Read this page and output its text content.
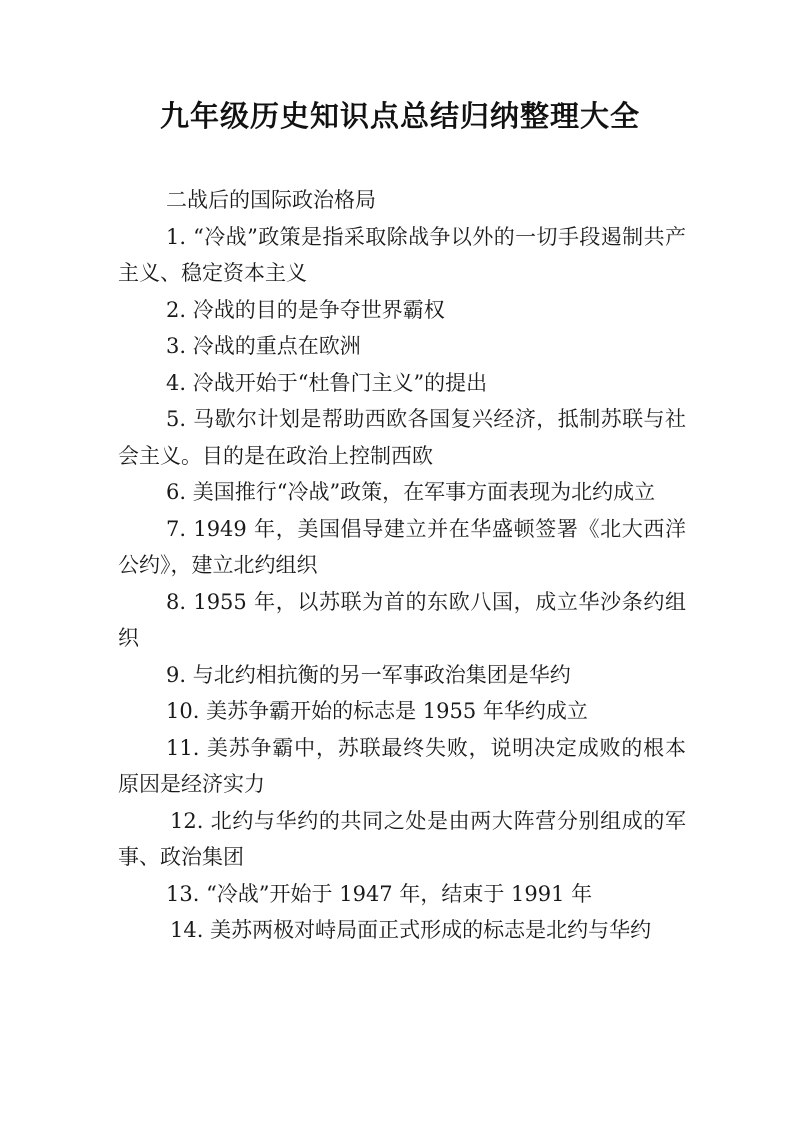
九年级历史知识点总结归纳整理大全

二战后的国际政治格局

1. “冷战”政策是指采取除战争以外的一切手段遏制共产主义、稳定资本主义

2. 冷战的目的是争夺世界霸权

3. 冷战的重点在欧洲

4. 冷战开始于“杜鲁门主义”的提出

5. 马歇尔计划是帮助西欧各国复兴经济，抵制苏联与社会主义。目的是在政治上控制西欧

6. 美国推行“冷战”政策，在军事方面表现为北约成立

7. 1949 年，美国倡导建立并在华盛顿签署《北大西洋公约》，建立北约组织

8. 1955 年，以苏联为首的东欧八国，成立华沙条约组织

9. 与北约相抗衡的另一军事政治集团是华约

10. 美苏争霸开始的标志是 1955 年华约成立

11. 美苏争霸中，苏联最终失败，说明决定成败的根本原因是经济实力

12. 北约与华约的共同之处是由两大阵营分别组成的军事、政治集团

13. “冷战”开始于 1947 年，结束于 1991 年

14. 美苏两极对峙局面正式形成的标志是北约与华约
